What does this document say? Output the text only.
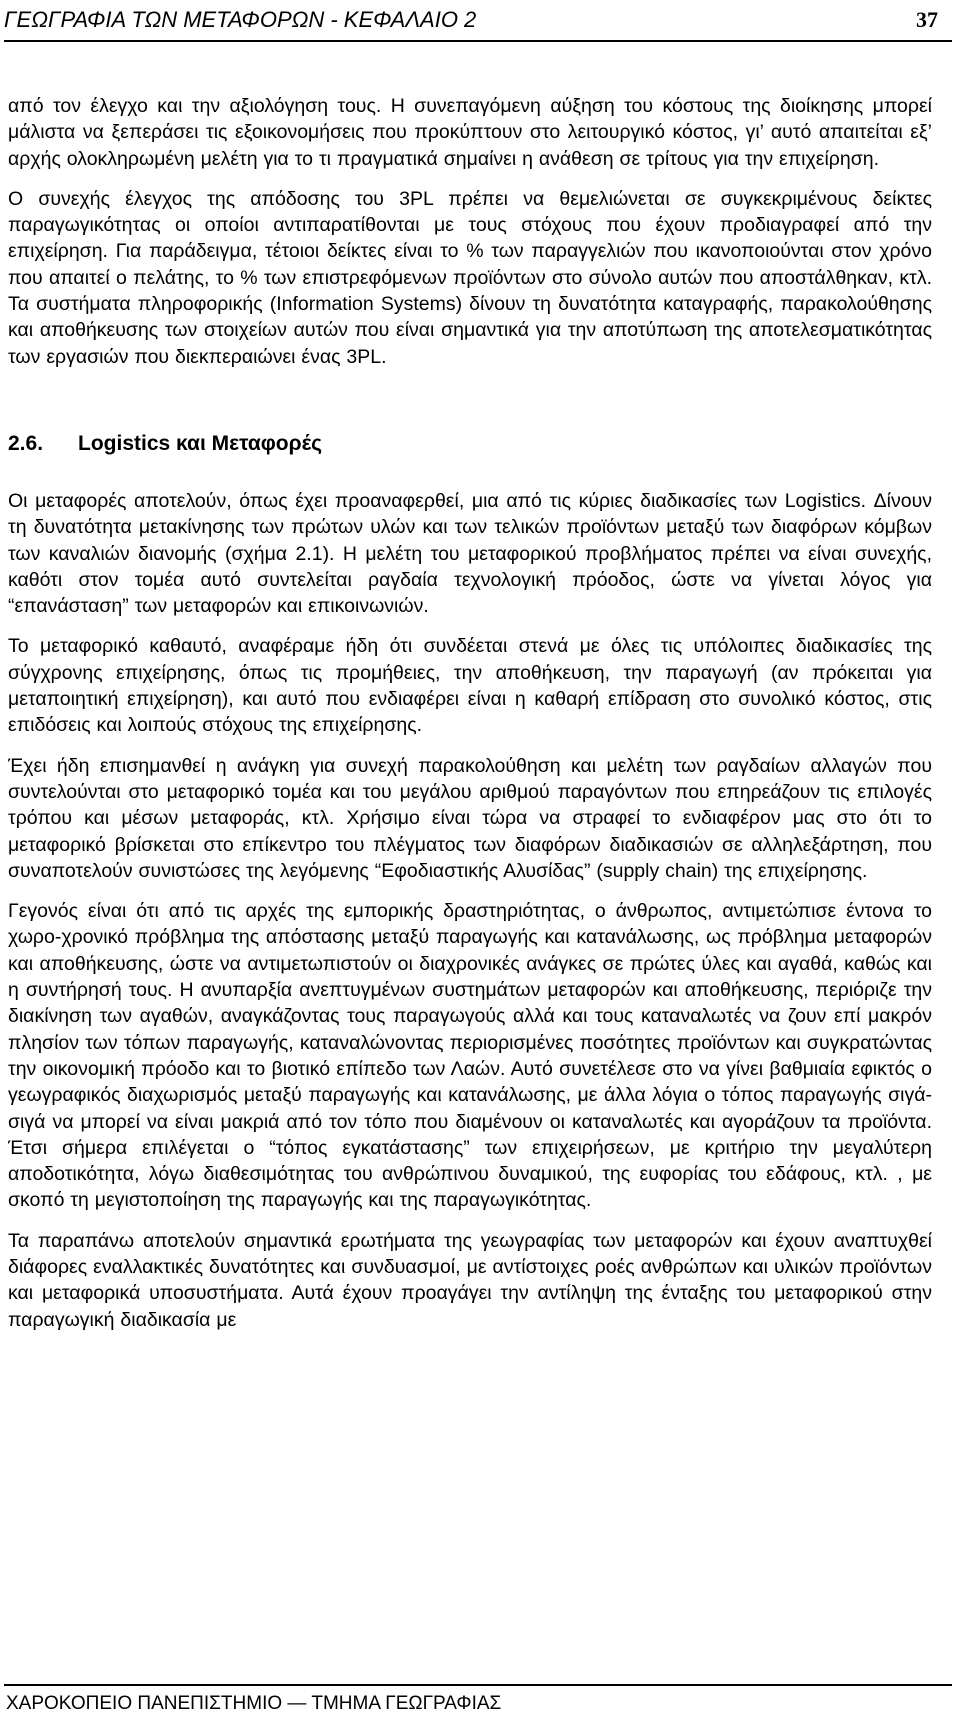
ΓΕΩΓΡΑΦΙΑ ΤΩΝ ΜΕΤΑΦΟΡΩΝ - ΚΕΦΑΛΑΙΟ 2	37

από τον έλεγχο και την αξιολόγηση τους. Η συνεπαγόμενη αύξηση του κόστους της διοίκησης μπορεί μάλιστα να ξεπεράσει τις εξοικονομήσεις που προκύπτουν στο λειτουργικό κόστος, γι’ αυτό απαιτείται εξ’ αρχής ολοκληρωμένη μελέτη για το τι πραγματικά σημαίνει η ανάθεση σε τρίτους για την επιχείρηση.

Ο συνεχής έλεγχος της απόδοσης του 3PL πρέπει να θεμελιώνεται σε συγκεκριμένους δείκτες παραγωγικότητας οι οποίοι αντιπαρατίθονται με τους στόχους που έχουν προδιαγραφεί από την επιχείρηση. Για παράδειγμα, τέτοιοι δείκτες είναι το % των παραγγελιών που ικανοποιούνται στον χρόνο που απαιτεί ο πελάτης, το % των επιστρεφόμενων προϊόντων στο σύνολο αυτών που αποστάλθηκαν, κτλ. Τα συστήματα πληροφορικής (Information Systems) δίνουν τη δυνατότητα καταγραφής, παρακολούθησης και αποθήκευσης των στοιχείων αυτών που είναι σημαντικά για την αποτύπωση της αποτελεσματικότητας των εργασιών που διεκπεραιώνει ένας 3PL.

2.6. Logistics και Μεταφορές

Οι μεταφορές αποτελούν, όπως έχει προαναφερθεί, μια από τις κύριες διαδικασίες των Logistics. Δίνουν τη δυνατότητα μετακίνησης των πρώτων υλών και των τελικών προϊόντων μεταξύ των διαφόρων κόμβων των καναλιών διανομής (σχήμα 2.1). Η μελέτη του μεταφορικού προβλήματος πρέπει να είναι συνεχής, καθότι στον τομέα αυτό συντελείται ραγδαία τεχνολογική πρόοδος, ώστε να γίνεται λόγος για “επανάσταση” των μεταφορών και επικοινωνιών.

Το μεταφορικό καθαυτό, αναφέραμε ήδη ότι συνδέεται στενά με όλες τις υπόλοιπες διαδικασίες της σύγχρονης επιχείρησης, όπως τις προμήθειες, την αποθήκευση, την παραγωγή (αν πρόκειται για μεταποιητική επιχείρηση), και αυτό που ενδιαφέρει είναι η καθαρή επίδραση στο συνολικό κόστος, στις επιδόσεις και λοιπούς στόχους της επιχείρησης.

Έχει ήδη επισημανθεί η ανάγκη για συνεχή παρακολούθηση και μελέτη των ραγδαίων αλλαγών που συντελούνται στο μεταφορικό τομέα και του μεγάλου αριθμού παραγόντων που επηρεάζουν τις επιλογές τρόπου και μέσων μεταφοράς, κτλ. Χρήσιμο είναι τώρα να στραφεί το ενδιαφέρον μας στο ότι το μεταφορικό βρίσκεται στο επίκεντρο του πλέγματος των διαφόρων διαδικασιών σε αλληλεξάρτηση, που συναποτελούν συνιστώσες της λεγόμενης “Εφοδιαστικής Αλυσίδας” (supply chain) της επιχείρησης.

Γεγονός είναι ότι από τις αρχές της εμπορικής δραστηριότητας, ο άνθρωπος, αντιμετώπισε έντονα το χωρο-χρονικό πρόβλημα της απόστασης μεταξύ παραγωγής και κατανάλωσης, ως πρόβλημα μεταφορών και αποθήκευσης, ώστε να αντιμετωπιστούν οι διαχρονικές ανάγκες σε πρώτες ύλες και αγαθά, καθώς και η συντήρησή τους. Η ανυπαρξία ανεπτυγμένων συστημάτων μεταφορών και αποθήκευσης, περιόριζε την διακίνηση των αγαθών, αναγκάζοντας τους παραγωγούς αλλά και τους καταναλωτές να ζουν επί μακρόν πλησίον των τόπων παραγωγής, καταναλώνοντας περιορισμένες ποσότητες προϊόντων και συγκρατώντας την οικονομική πρόοδο και το βιοτικό επίπεδο των Λαών. Αυτό συνετέλεσε στο να γίνει βαθμιαία εφικτός ο γεωγραφικός διαχωρισμός μεταξύ παραγωγής και κατανάλωσης, με άλλα λόγια ο τόπος παραγωγής σιγά-σιγά να μπορεί να είναι μακριά από τον τόπο που διαμένουν οι καταναλωτές και αγοράζουν τα προϊόντα. Έτσι σήμερα επιλέγεται ο “τόπος εγκατάστασης” των επιχειρήσεων, με κριτήριο την μεγαλύτερη αποδοτικότητα, λόγω διαθεσιμότητας του ανθρώπινου δυναμικού, της ευφορίας του εδάφους, κτλ. , με σκοπό τη μεγιστοποίηση της παραγωγής και της παραγωγικότητας.

Τα παραπάνω αποτελούν σημαντικά ερωτήματα της γεωγραφίας των μεταφορών και έχουν αναπτυχθεί διάφορες εναλλακτικές δυνατότητες και συνδυασμοί, με αντίστοιχες ροές ανθρώπων και υλικών προϊόντων και μεταφορικά υποσυστήματα. Αυτά έχουν προαγάγει την αντίληψη της ένταξης του μεταφορικού στην παραγωγική διαδικασία με

ΧΑΡΟΚΟΠΕΙΟ ΠΑΝΕΠΙΣΤΗΜΙΟ — ΤΜΗΜΑ ΓΕΩΓΡΑΦΙΑΣ
